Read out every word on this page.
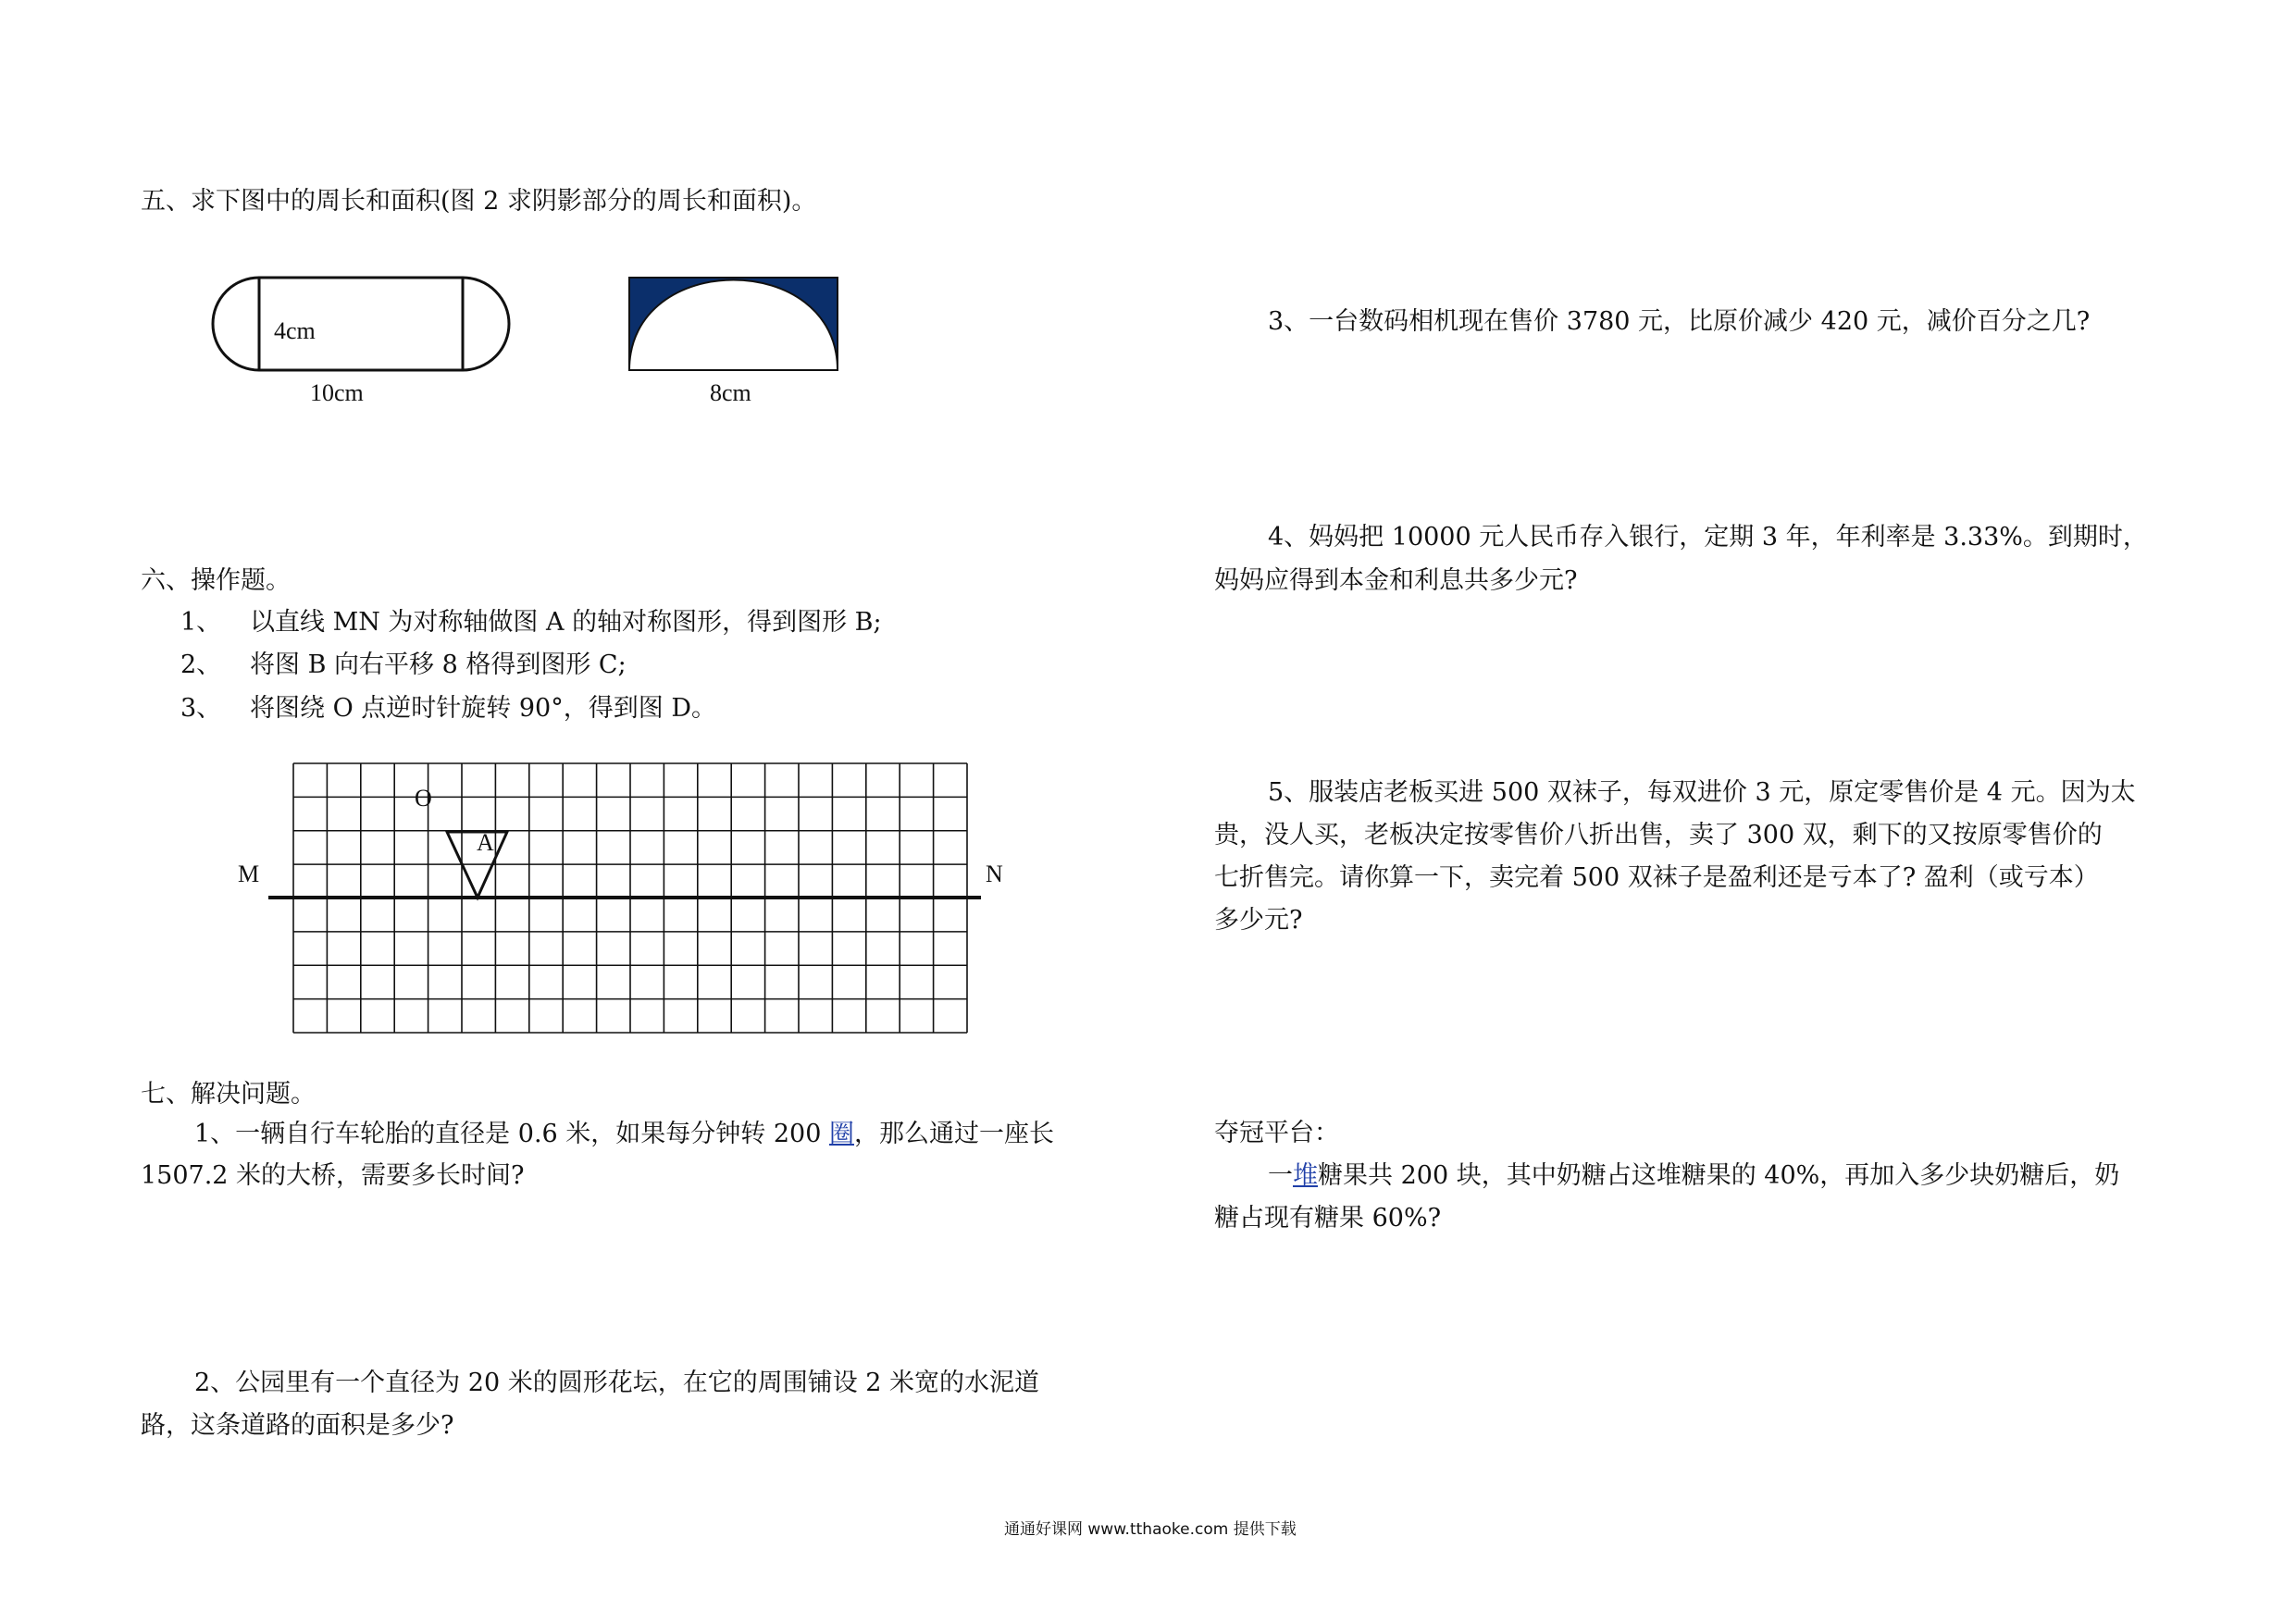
五、求下图中的周长和面积(图 2 求阴影部分的周长和面积)。
4cm
10cm	8cm
六、操作题。
1、 以直线 MN 为对称轴做图 A 的轴对称图形，得到图形 B;
2、 将图 B 向右平移 8 格得到图形 C;
3、 将图绕 O 点逆时针旋转 90°，得到图 D。
O
A
M	N
七、解决问题。
1、一辆自行车轮胎的直径是 0.6 米，如果每分钟转 200 圈，那么通过一座长
1507.2 米的大桥，需要多长时间?
2、公园里有一个直径为 20 米的圆形花坛，在它的周围铺设 2 米宽的水泥道
路，这条道路的面积是多少?
3、一台数码相机现在售价 3780 元，比原价减少 420 元，减价百分之几?
4、妈妈把 10000 元人民币存入银行，定期 3 年，年利率是 3.33%。到期时，
妈妈应得到本金和利息共多少元?
5、服装店老板买进 500 双袜子，每双进价 3 元，原定零售价是 4 元。因为太
贵，没人买，老板决定按零售价八折出售，卖了 300 双，剩下的又按原零售价的
七折售完。请你算一下，卖完着 500 双袜子是盈利还是亏本了? 盈利（或亏本）
多少元?
夺冠平台：
一堆糖果共 200 块，其中奶糖占这堆糖果的 40%，再加入多少块奶糖后，奶
糖占现有糖果 60%?
通通好课网 www.tthaoke.com 提供下载
